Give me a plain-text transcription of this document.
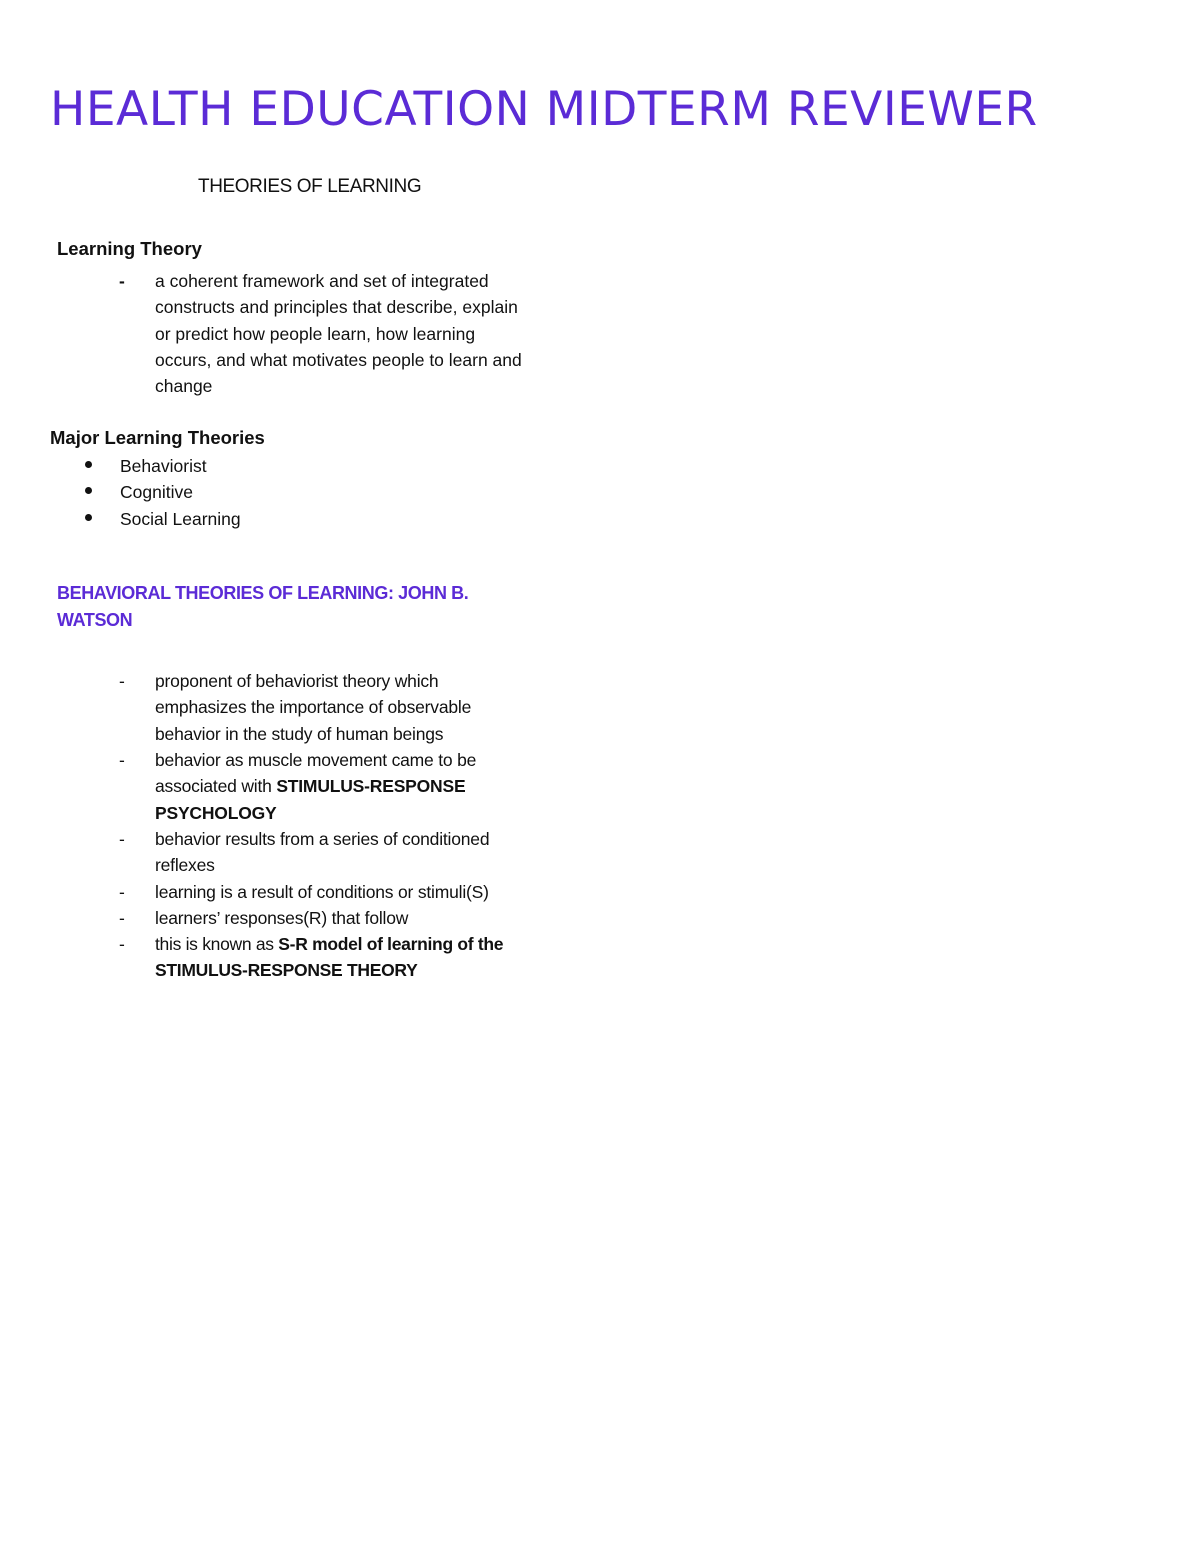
HEALTH EDUCATION MIDTERM REVIEWER
THEORIES OF LEARNING
Learning Theory
-	a coherent framework and set of integrated
constructs and principles that describe, explain
or predict how people learn, how learning
occurs, and what motivates people to learn and
change
Major Learning Theories
Behaviorist
Cognitive
Social Learning
BEHAVIORAL THEORIES OF LEARNING: JOHN B.
WATSON
-	proponent of behaviorist theory which
emphasizes the importance of observable
behavior in the study of human beings
-	behavior as muscle movement came to be
associated with STIMULUS-RESPONSE
PSYCHOLOGY
-	behavior results from a series of conditioned
reflexes
-	learning is a result of conditions or stimuli(S)
-	learners’ responses(R) that follow
-	this is known as S-R model of learning of the
STIMULUS-RESPONSE THEORY
